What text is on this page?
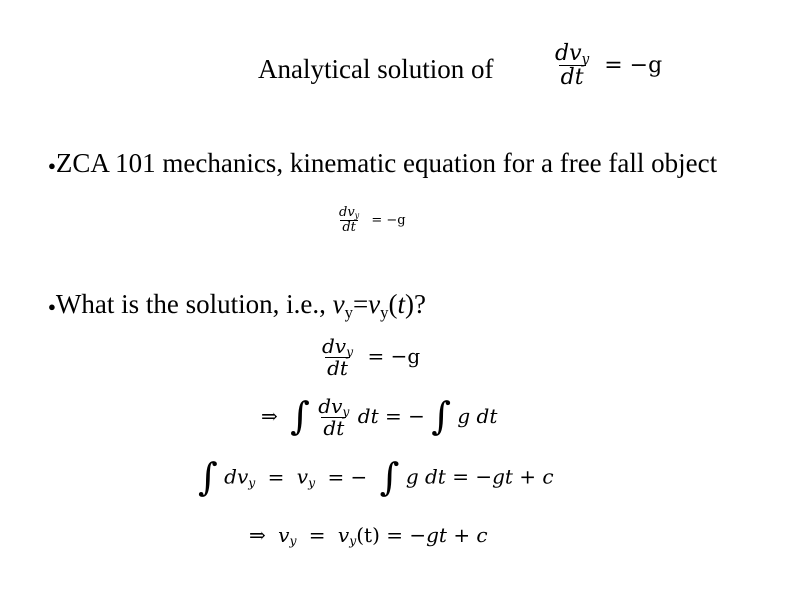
Analytical solution of	$\frac{dv_y}{dt} = -g$
●ZCA 101 mechanics, kinematic equation for a free fall object
$\frac{dv_y}{dt} = -g$
●What is the solution, i.e., $v_y=v_y(t)$?
$\frac{dv_y}{dt} = -g$
⇒ ∫ $\frac{dv_y}{dt}$ dt = − ∫ g dt
∫ $dv_y = v_y$ = − ∫ g dt = −gt + c
⇒ $v_y = v_y(t) = -gt + c$
